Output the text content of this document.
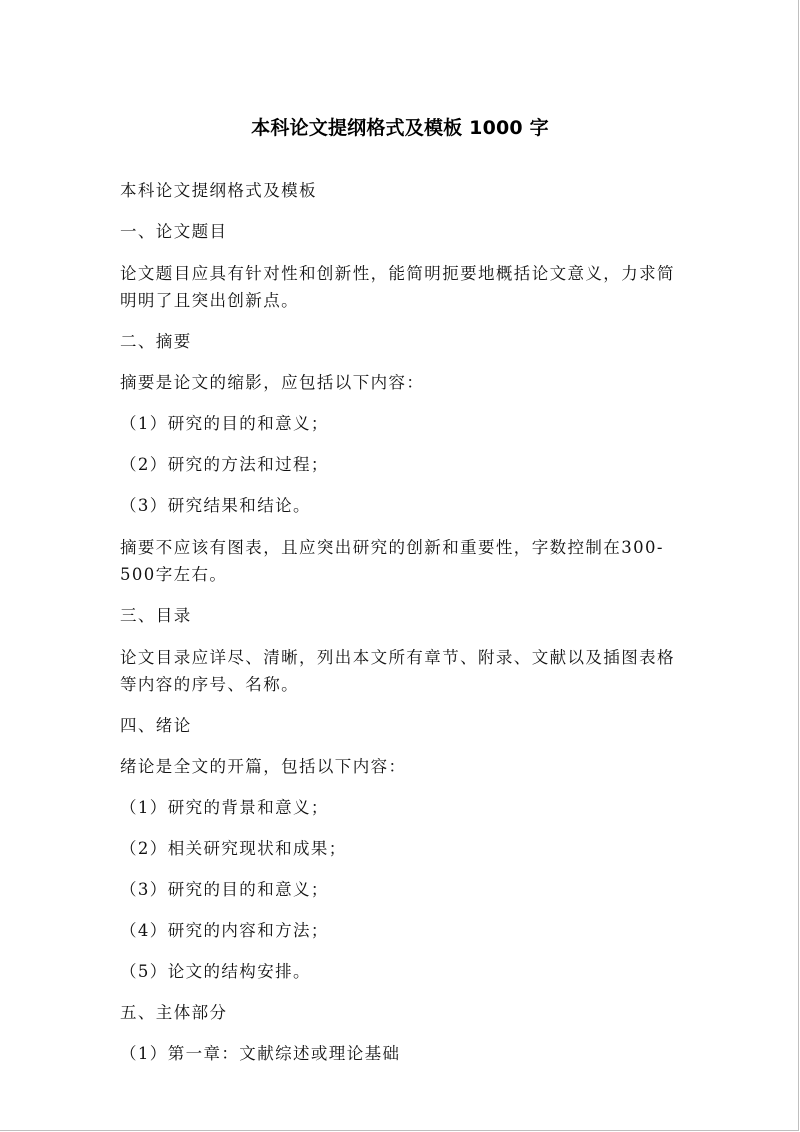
本科论文提纲格式及模板 1000 字

本科论文提纲格式及模板

一、论文题目

论文题目应具有针对性和创新性，能简明扼要地概括论文意义，力求简明明了且突出创新点。

二、摘要

摘要是论文的缩影，应包括以下内容：

（1）研究的目的和意义；

（2）研究的方法和过程；

（3）研究结果和结论。

摘要不应该有图表，且应突出研究的创新和重要性，字数控制在300-500字左右。

三、目录

论文目录应详尽、清晰，列出本文所有章节、附录、文献以及插图表格等内容的序号、名称。

四、绪论

绪论是全文的开篇，包括以下内容：

（1）研究的背景和意义；

（2）相关研究现状和成果；

（3）研究的目的和意义；

（4）研究的内容和方法；

（5）论文的结构安排。

五、主体部分

（1）第一章：文献综述或理论基础
